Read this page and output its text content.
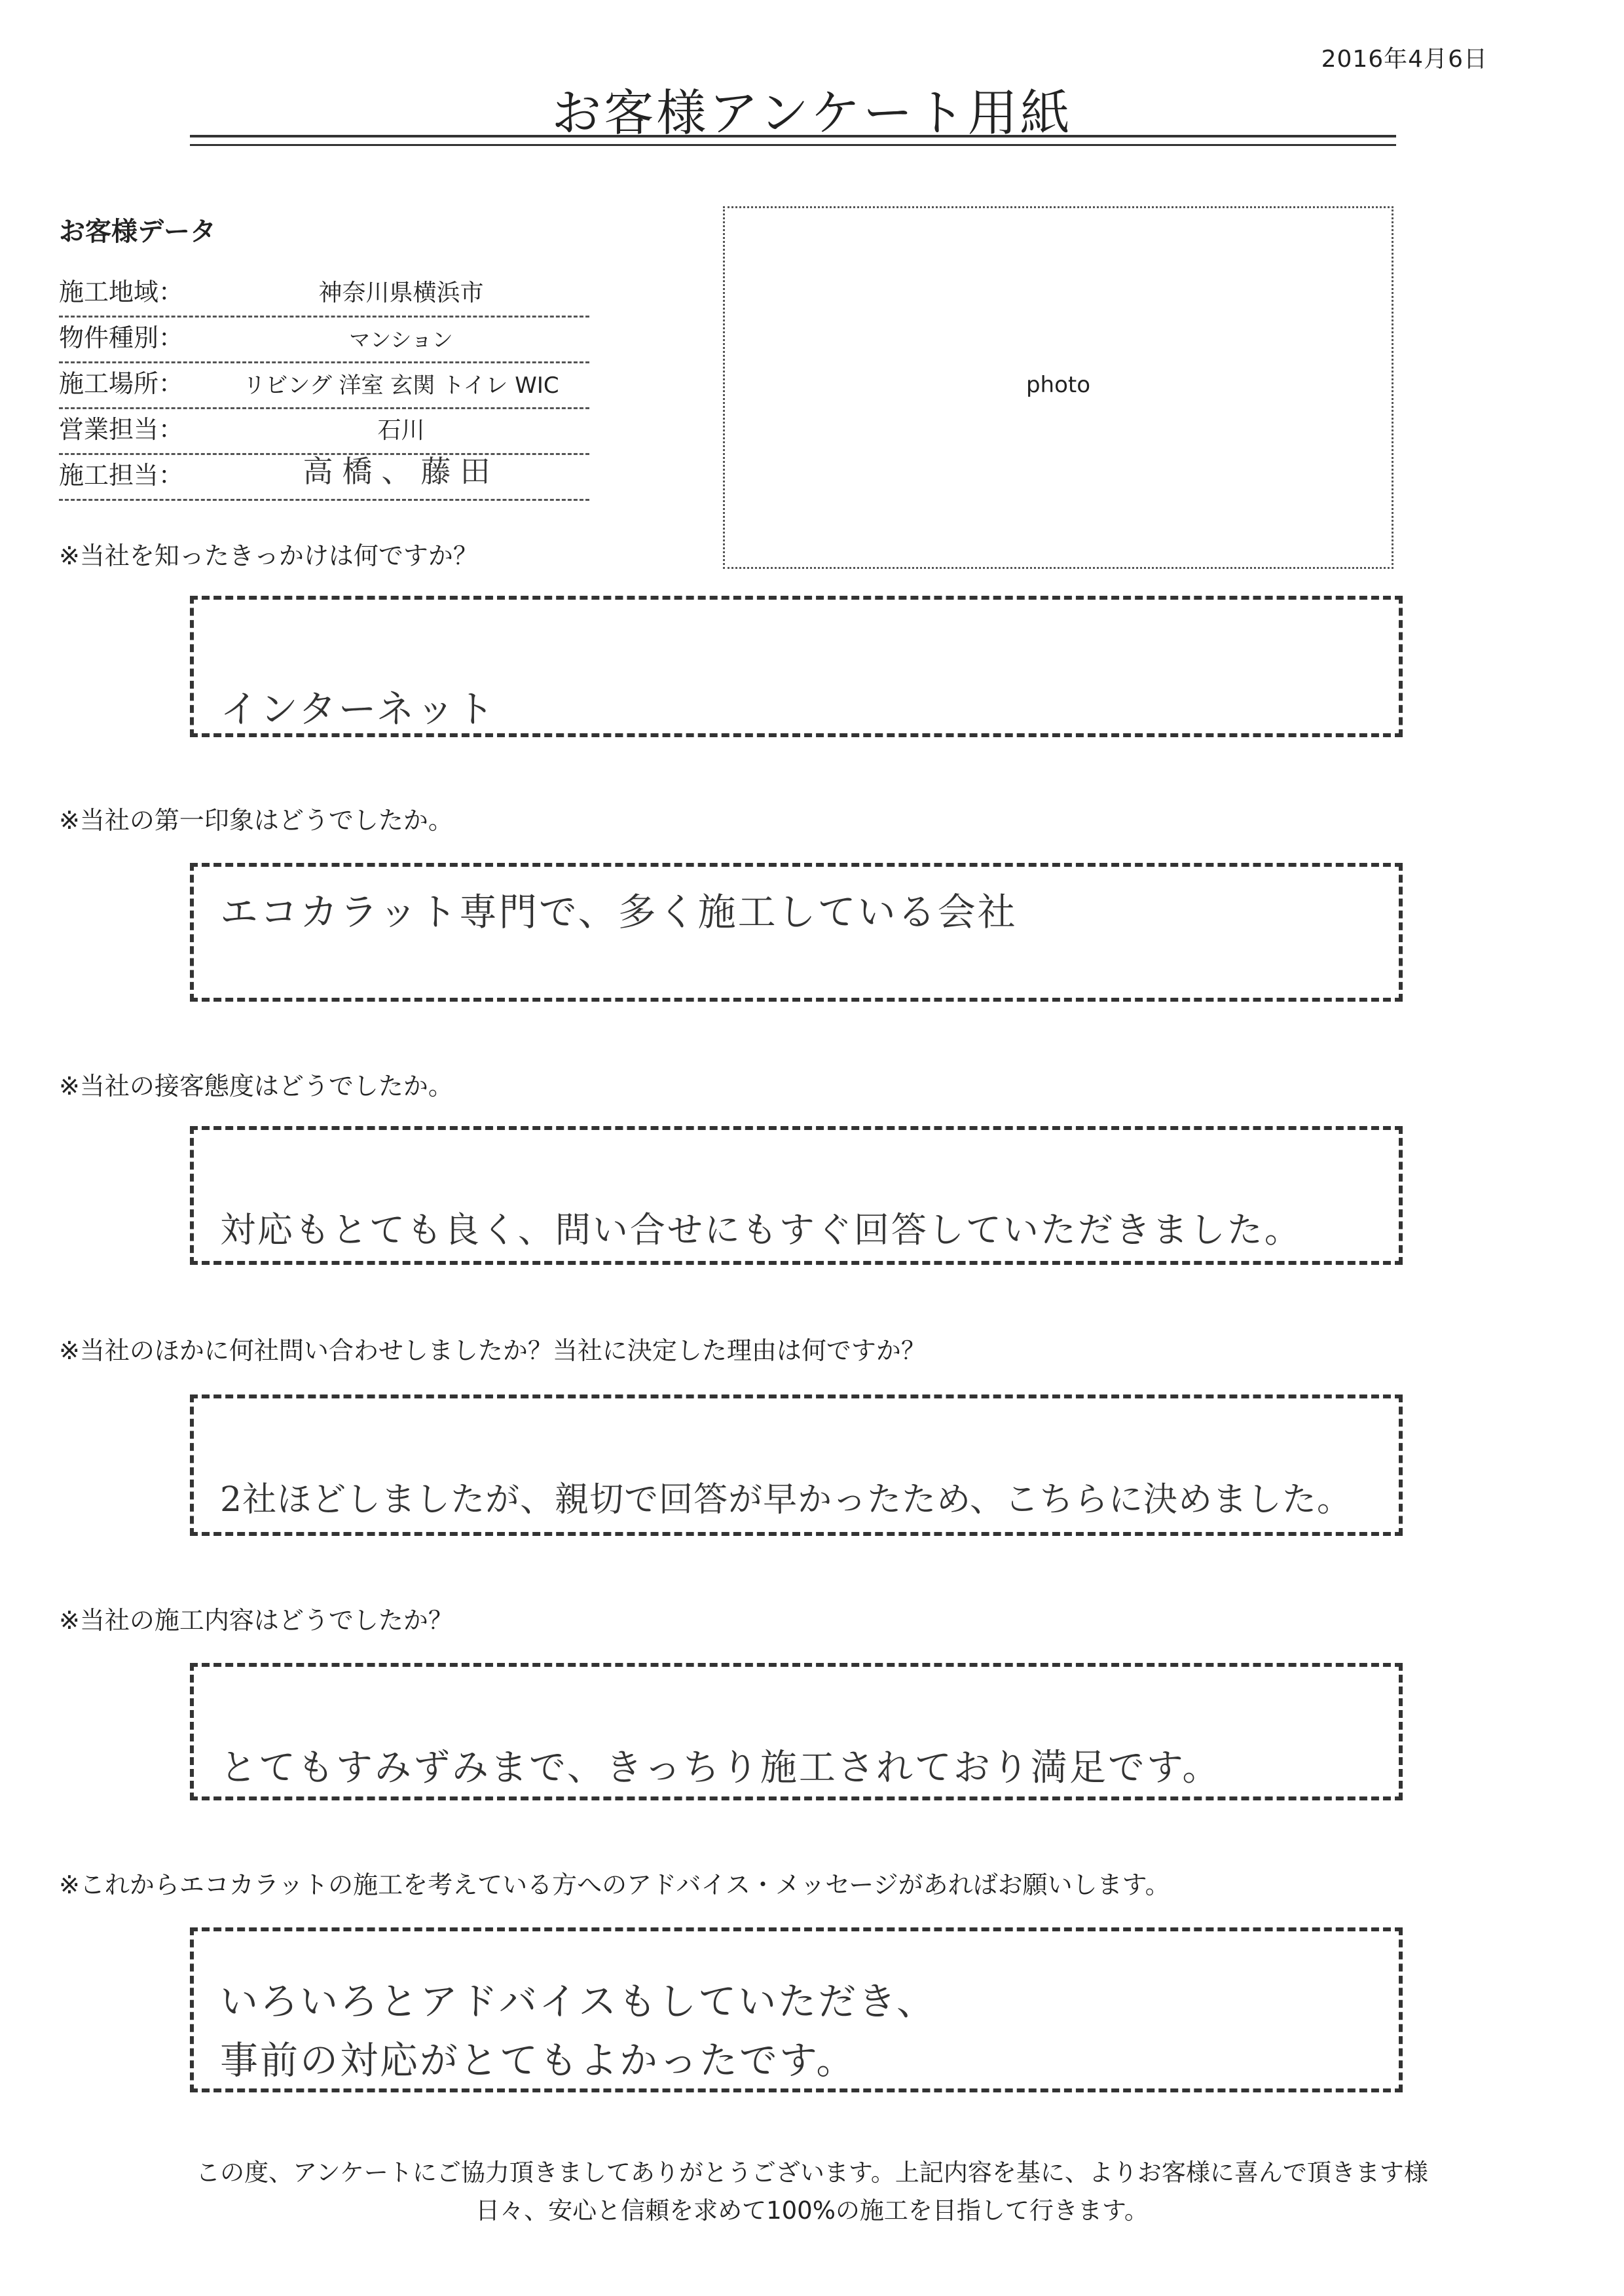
2016年4月6日
お客様アンケート用紙
お客様データ
施工地域：	神奈川県横浜市
物件種別：	マンション
施工場所：	リビング 洋室 玄関 トイレ WIC
営業担当：	石川
施工担当：	高橋、藤田
photo
※当社を知ったきっかけは何ですか？
インターネット
※当社の第一印象はどうでしたか。
エコカラット専門で、多く施工している会社
※当社の接客態度はどうでしたか。
対応もとても良く、問い合せにもすぐ回答していただきました。
※当社のほかに何社問い合わせしましたか？当社に決定した理由は何ですか？
2社ほどしましたが、親切で回答が早かったため、こちらに決めました。
※当社の施工内容はどうでしたか？
とてもすみずみまで、きっちり施工されており満足です。
※これからエコカラットの施工を考えている方へのアドバイス・メッセージがあればお願いします。
いろいろとアドバイスもしていただき、
事前の対応がとてもよかったです。
この度、アンケートにご協力頂きましてありがとうございます。上記内容を基に、よりお客様に喜んで頂きます様
日々、安心と信頼を求めて100%の施工を目指して行きます。
